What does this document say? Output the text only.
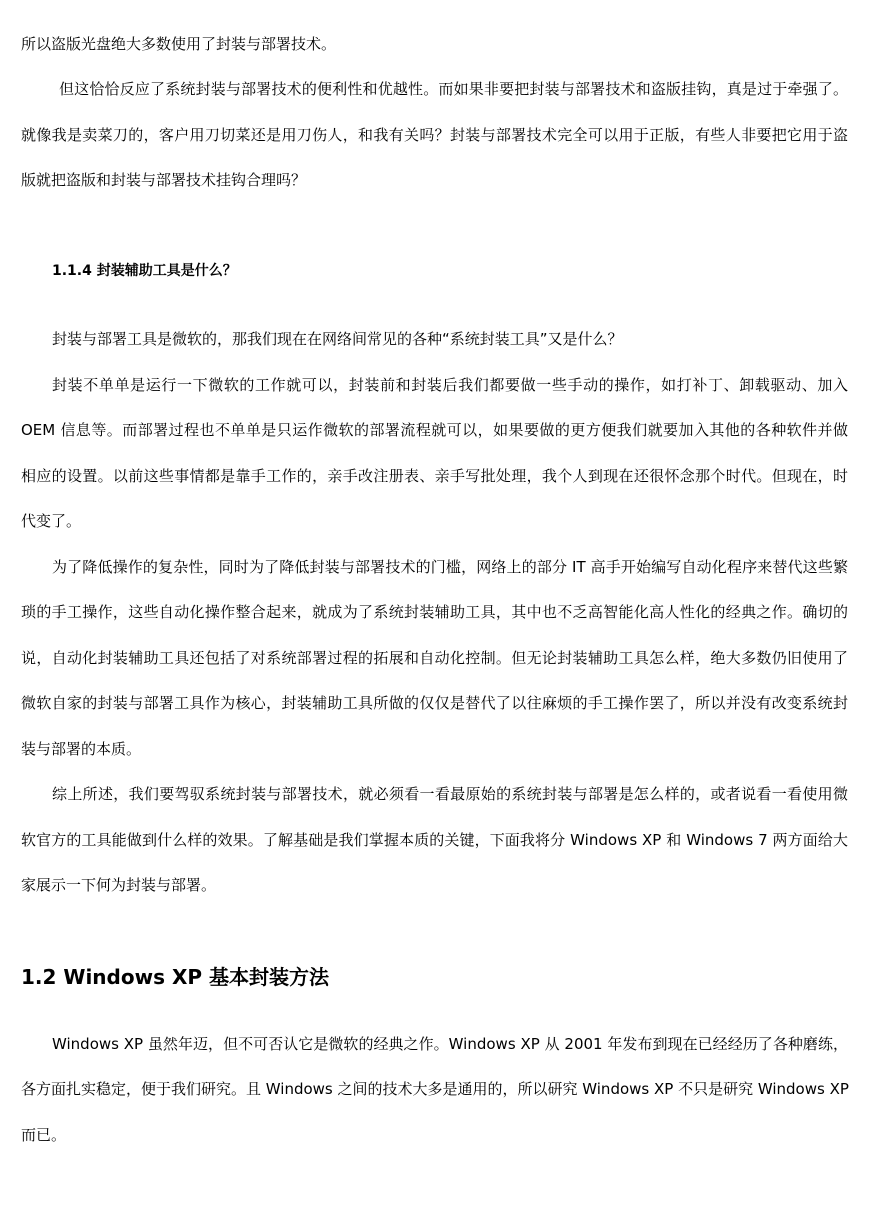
所以盗版光盘绝大多数使用了封装与部署技术。
但这恰恰反应了系统封装与部署技术的便利性和优越性。而如果非要把封装与部署技术和盗版挂钩，真是过于牵强了。
就像我是卖菜刀的，客户用刀切菜还是用刀伤人，和我有关吗？封装与部署技术完全可以用于正版，有些人非要把它用于盗
版就把盗版和封装与部署技术挂钩合理吗？
1.1.4 封装辅助工具是什么？
封装与部署工具是微软的，那我们现在在网络间常见的各种“系统封装工具”又是什么？
封装不单单是运行一下微软的工作就可以，封装前和封装后我们都要做一些手动的操作，如打补丁、卸载驱动、加入
OEM 信息等。而部署过程也不单单是只运作微软的部署流程就可以，如果要做的更方便我们就要加入其他的各种软件并做
相应的设置。以前这些事情都是靠手工作的，亲手改注册表、亲手写批处理，我个人到现在还很怀念那个时代。但现在，时
代变了。
为了降低操作的复杂性，同时为了降低封装与部署技术的门槛，网络上的部分 IT 高手开始编写自动化程序来替代这些繁
琐的手工操作，这些自动化操作整合起来，就成为了系统封装辅助工具，其中也不乏高智能化高人性化的经典之作。确切的
说，自动化封装辅助工具还包括了对系统部署过程的拓展和自动化控制。但无论封装辅助工具怎么样，绝大多数仍旧使用了
微软自家的封装与部署工具作为核心，封装辅助工具所做的仅仅是替代了以往麻烦的手工操作罢了，所以并没有改变系统封
装与部署的本质。
综上所述，我们要驾驭系统封装与部署技术，就必须看一看最原始的系统封装与部署是怎么样的，或者说看一看使用微
软官方的工具能做到什么样的效果。了解基础是我们掌握本质的关键，下面我将分 Windows XP 和 Windows 7 两方面给大
家展示一下何为封装与部署。
1.2 Windows XP 基本封装方法
Windows XP 虽然年迈，但不可否认它是微软的经典之作。Windows XP 从 2001 年发布到现在已经经历了各种磨练，
各方面扎实稳定，便于我们研究。且 Windows 之间的技术大多是通用的，所以研究 Windows XP 不只是研究 Windows XP
而已。
